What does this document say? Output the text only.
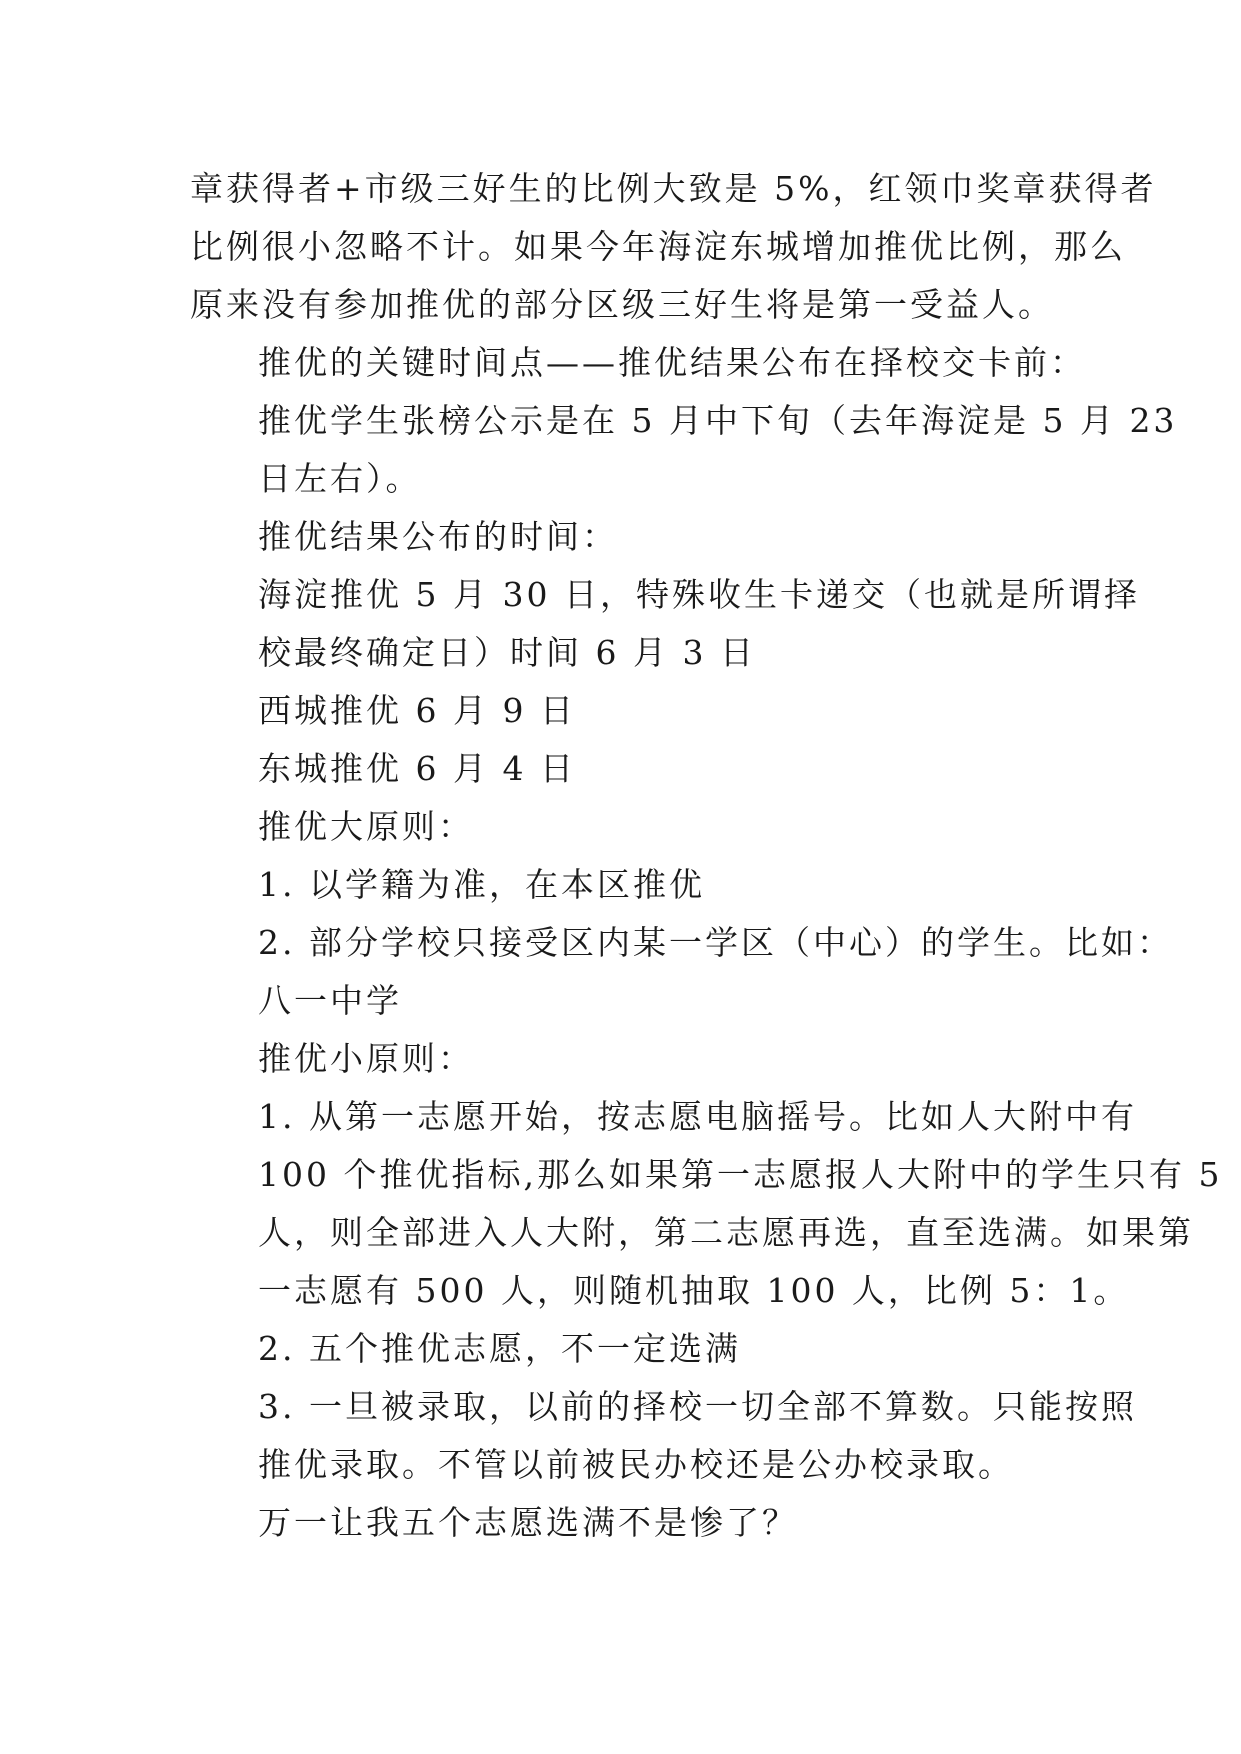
章获得者+市级三好生的比例大致是 5%，红领巾奖章获得者
比例很小忽略不计。如果今年海淀东城增加推优比例，那么
原来没有参加推优的部分区级三好生将是第一受益人。

推优的关键时间点——推优结果公布在择校交卡前：

推优学生张榜公示是在 5 月中下旬（去年海淀是 5 月 23
日左右）。

推优结果公布的时间：

海淀推优 5 月 30 日，特殊收生卡递交（也就是所谓择
校最终确定日）时间 6 月 3 日

西城推优 6 月 9 日

东城推优 6 月 4 日

推优大原则：

1. 以学籍为准，在本区推优

2. 部分学校只接受区内某一学区（中心）的学生。比如：
八一中学

推优小原则：

1. 从第一志愿开始，按志愿电脑摇号。比如人大附中有
100 个推优指标,那么如果第一志愿报人大附中的学生只有 5
人，则全部进入人大附，第二志愿再选，直至选满。如果第
一志愿有 500 人，则随机抽取 100 人，比例 5：1。

2. 五个推优志愿，不一定选满

3. 一旦被录取，以前的择校一切全部不算数。只能按照
推优录取。不管以前被民办校还是公办校录取。

万一让我五个志愿选满不是惨了？
